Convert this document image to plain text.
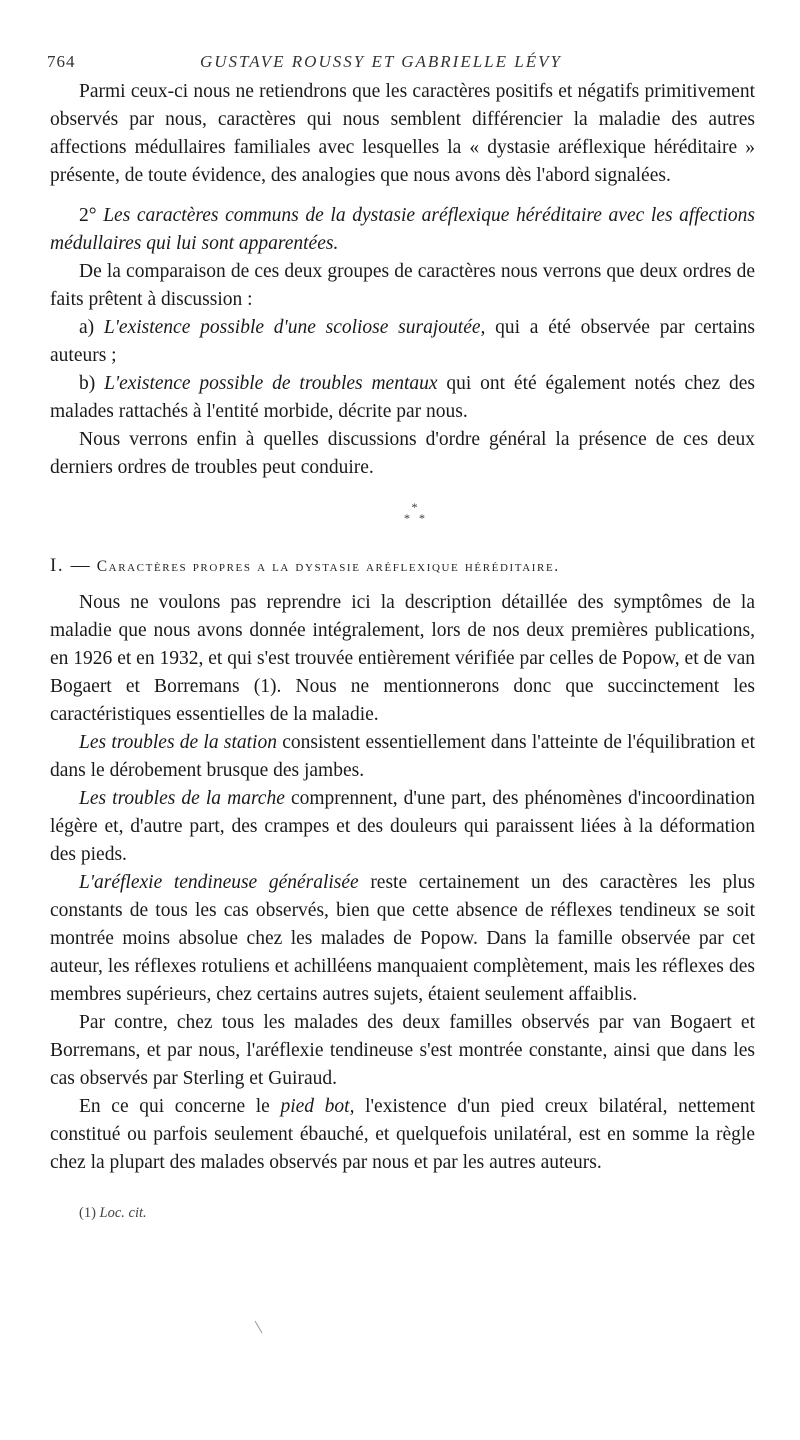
764	GUSTAVE ROUSSY ET GABRIELLE LÉVY

Parmi ceux-ci nous ne retiendrons que les caractères positifs et négatifs primitivement observés par nous, caractères qui nous semblent différencier la maladie des autres affections médullaires familiales avec lesquelles la « dystasie aréflexique héréditaire » présente, de toute évidence, des analogies que nous avons dès l'abord signalées.

2° Les caractères communs de la dystasie aréflexique héréditaire avec les affections médullaires qui lui sont apparentées.

De la comparaison de ces deux groupes de caractères nous verrons que deux ordres de faits prêtent à discussion :

a) L'existence possible d'une scoliose surajoutée, qui a été observée par certains auteurs ;

b) L'existence possible de troubles mentaux qui ont été également notés chez des malades rattachés à l'entité morbide, décrite par nous.

Nous verrons enfin à quelles discussions d'ordre général la présence de ces deux derniers ordres de troubles peut conduire.

*
*   *
I. — Caractères propres a la dystasie aréflexique héréditaire.

Nous ne voulons pas reprendre ici la description détaillée des symptômes de la maladie que nous avons donnée intégralement, lors de nos deux premières publications, en 1926 et en 1932, et qui s'est trouvée entièrement vérifiée par celles de Popow, et de van Bogaert et Borremans (1). Nous ne mentionnerons donc que succinctement les caractéristiques essentielles de la maladie.

Les troubles de la station consistent essentiellement dans l'atteinte de l'équilibration et dans le dérobement brusque des jambes.

Les troubles de la marche comprennent, d'une part, des phénomènes d'incoordination légère et, d'autre part, des crampes et des douleurs qui paraissent liées à la déformation des pieds.

L'aréflexie tendineuse généralisée reste certainement un des caractères les plus constants de tous les cas observés, bien que cette absence de réflexes tendineux se soit montrée moins absolue chez les malades de Popow. Dans la famille observée par cet auteur, les réflexes rotuliens et achilléens manquaient complètement, mais les réflexes des membres supérieurs, chez certains autres sujets, étaient seulement affaiblis.

Par contre, chez tous les malades des deux familles observés par van Bogaert et Borremans, et par nous, l'aréflexie tendineuse s'est montrée constante, ainsi que dans les cas observés par Sterling et Guiraud.

En ce qui concerne le pied bot, l'existence d'un pied creux bilatéral, nettement constitué ou parfois seulement ébauché, et quelquefois unilatéral, est en somme la règle chez la plupart des malades observés par nous et par les autres auteurs.

(1) Loc. cit.
